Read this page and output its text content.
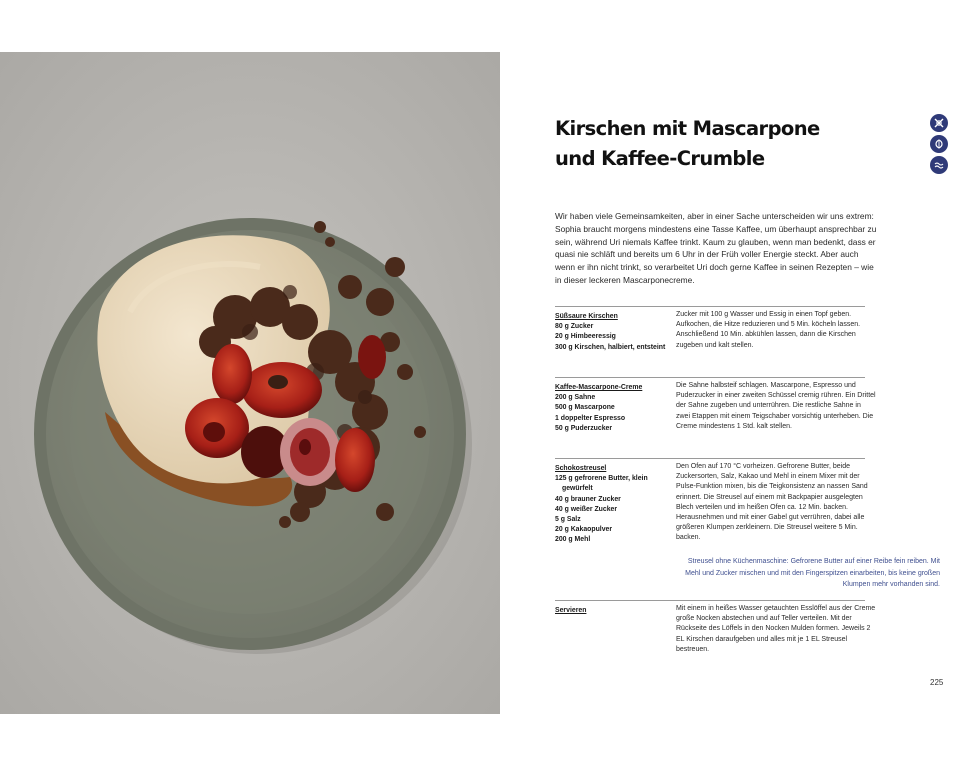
Kirschen mit Mascarpone
und Kaffee-Crumble

Wir haben viele Gemeinsamkeiten, aber in einer Sache unterscheiden wir uns extrem: Sophia braucht morgens mindestens eine Tasse Kaffee, um überhaupt ansprechbar zu sein, während Uri niemals Kaffee trinkt. Kaum zu glauben, wenn man bedenkt, dass er quasi nie schläft und bereits um 6 Uhr in der Früh voller Energie steckt. Aber auch wenn er ihn nicht trinkt, so verarbeitet Uri doch gerne Kaffee in seinen Rezepten – wie in dieser leckeren Mascarponecreme.

Süßsaure Kirschen
80 g Zucker
20 g Himbeeressig
300 g Kirschen, halbiert, entsteint

Zucker mit 100 g Wasser und Essig in einen Topf geben. Aufkochen, die Hitze reduzieren und 5 Min. köcheln lassen. Anschließend 10 Min. abkühlen lassen, dann die Kirschen zugeben und kalt stellen.

Kaffee-Mascarpone-Creme
200 g Sahne
500 g Mascarpone
1 doppelter Espresso
50 g Puderzucker

Die Sahne halbsteif schlagen. Mascarpone, Espresso und Puderzucker in einer zweiten Schüssel cremig rühren. Ein Drittel der Sahne zugeben und unterrühren. Die restliche Sahne in zwei Etappen mit einem Teigschaber vorsichtig unterheben. Die Creme mindestens 1 Std. kalt stellen.

Schokostreusel
125 g gefrorene Butter, klein
gewürfelt
40 g brauner Zucker
40 g weißer Zucker
5 g Salz
20 g Kakaopulver
200 g Mehl

Den Ofen auf 170 °C vorheizen. Gefrorene Butter, beide Zuckersorten, Salz, Kakao und Mehl in einem Mixer mit der Pulse-Funktion mixen, bis die Teigkonsistenz an nassen Sand erinnert. Die Streusel auf einem mit Backpapier ausgelegten Blech verteilen und im heißen Ofen ca. 12 Min. backen. Herausnehmen und mit einer Gabel gut verrühren, dabei alle größeren Klumpen zerkleinern. Die Streusel weitere 5 Min. backen.

Streusel ohne Küchenmaschine: Gefrorene Butter auf einer Reibe fein reiben. Mit Mehl und Zucker mischen und mit den Fingerspitzen einarbeiten, bis keine großen Klumpen mehr vorhanden sind.

Servieren	Mit einem in heißes Wasser getauchten Esslöffel aus der Creme große Nocken abstechen und auf Teller verteilen. Mit der Rückseite des Löffels in den Nocken Mulden formen. Jeweils 2 EL Kirschen daraufgeben und alles mit je 1 EL Streusel bestreuen.

225
